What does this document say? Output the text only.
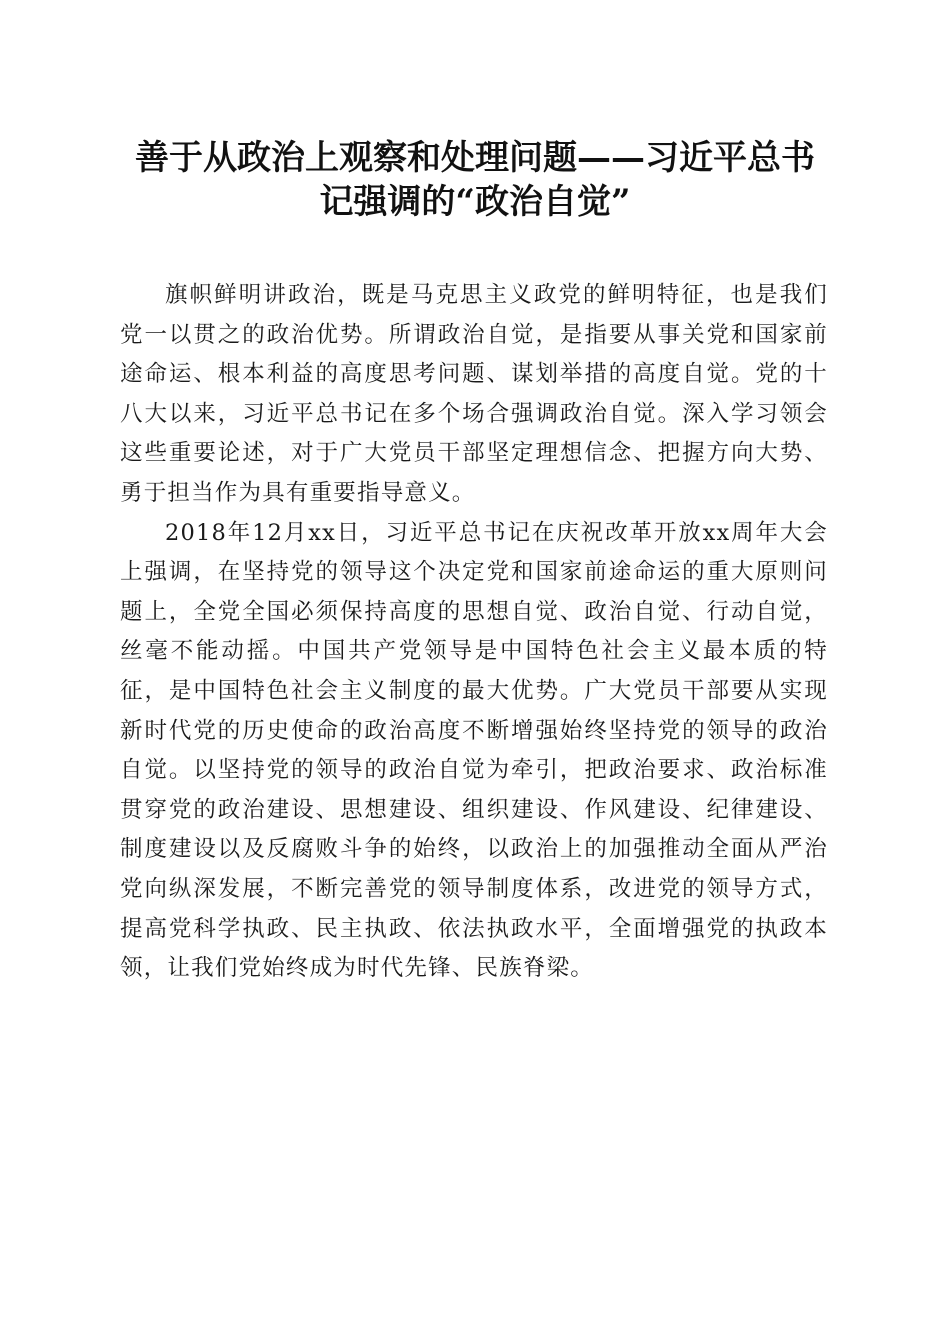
善于从政治上观察和处理问题——习近平总书
记强调的“政治自觉”

旗帜鲜明讲政治，既是马克思主义政党的鲜明特征，也是我们党一以贯之的政治优势。所谓政治自觉，是指要从事关党和国家前途命运、根本利益的高度思考问题、谋划举措的高度自觉。党的十八大以来，习近平总书记在多个场合强调政治自觉。深入学习领会这些重要论述，对于广大党员干部坚定理想信念、把握方向大势、勇于担当作为具有重要指导意义。

2018年12月xx日，习近平总书记在庆祝改革开放xx周年大会上强调，在坚持党的领导这个决定党和国家前途命运的重大原则问题上，全党全国必须保持高度的思想自觉、政治自觉、行动自觉，丝毫不能动摇。中国共产党领导是中国特色社会主义最本质的特征，是中国特色社会主义制度的最大优势。广大党员干部要从实现新时代党的历史使命的政治高度不断增强始终坚持党的领导的政治自觉。以坚持党的领导的政治自觉为牵引，把政治要求、政治标准贯穿党的政治建设、思想建设、组织建设、作风建设、纪律建设、制度建设以及反腐败斗争的始终，以政治上的加强推动全面从严治党向纵深发展，不断完善党的领导制度体系，改进党的领导方式，提高党科学执政、民主执政、依法执政水平，全面增强党的执政本领，让我们党始终成为时代先锋、民族脊梁。
